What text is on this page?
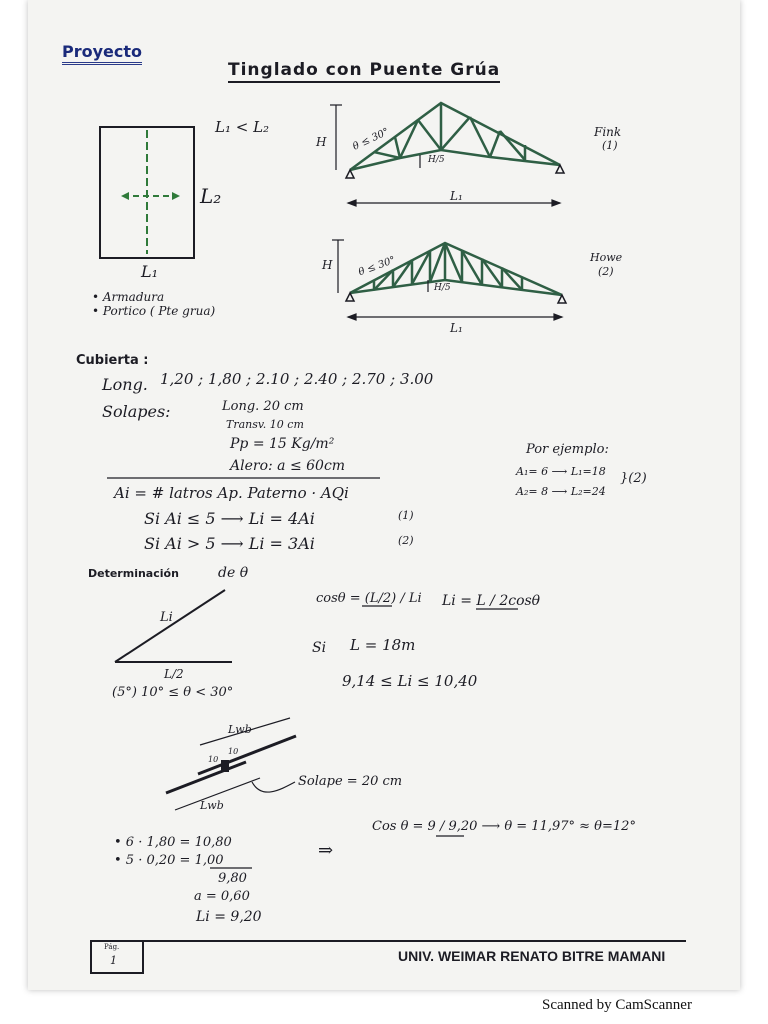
Proyecto
Tinglado con Puente Grúa
L₁ < L₂
L₂
L₁
• Armadura
• Portico ( Pte grua)
H θ ≤ 30°
H/5
L₁
Fink
(1)
H θ ≤ 30°
H/5
L₁
Howe
(2)
Cubierta :
Long. 1,20 ; 1,80 ; 2.10 ; 2.40 ; 2.70 ; 3.00
Solapes:	Long. 20 cm
Transv. 10 cm
Pp = 15 Kg/m²
Alero: a ≤ 60cm
Ai = # latros Ap. Paterno · AQi
Si Ai ≤ 5 ⟶ Li = 4Ai	(1)
Si Ai > 5 ⟶ Li = 3Ai	(2)
Por ejemplo:
A₁= 6 ⟶ L₁=18
A₂= 8 ⟶ L₂=24
}(2)
Determinación	de θ
Li
L/2
(5°) 10° ≤ θ < 30°
cosθ = (L/2) / Li Li = L / 2cosθ
Si L = 18m
9,14 ≤ Li ≤ 10,40
Lwb
Lwb
10
10
Solape = 20 cm
• 6 · 1,80 = 10,80
• 5 · 0,20 = 1,00
9,80
a = 0,60
Li = 9,20
⇒
Cos θ = 9 / 9,20 ⟶ θ = 11,97° ≈ θ=12°
Pág.
1	UNIV. WEIMAR RENATO BITRE MAMANI
Scanned by CamScanner
